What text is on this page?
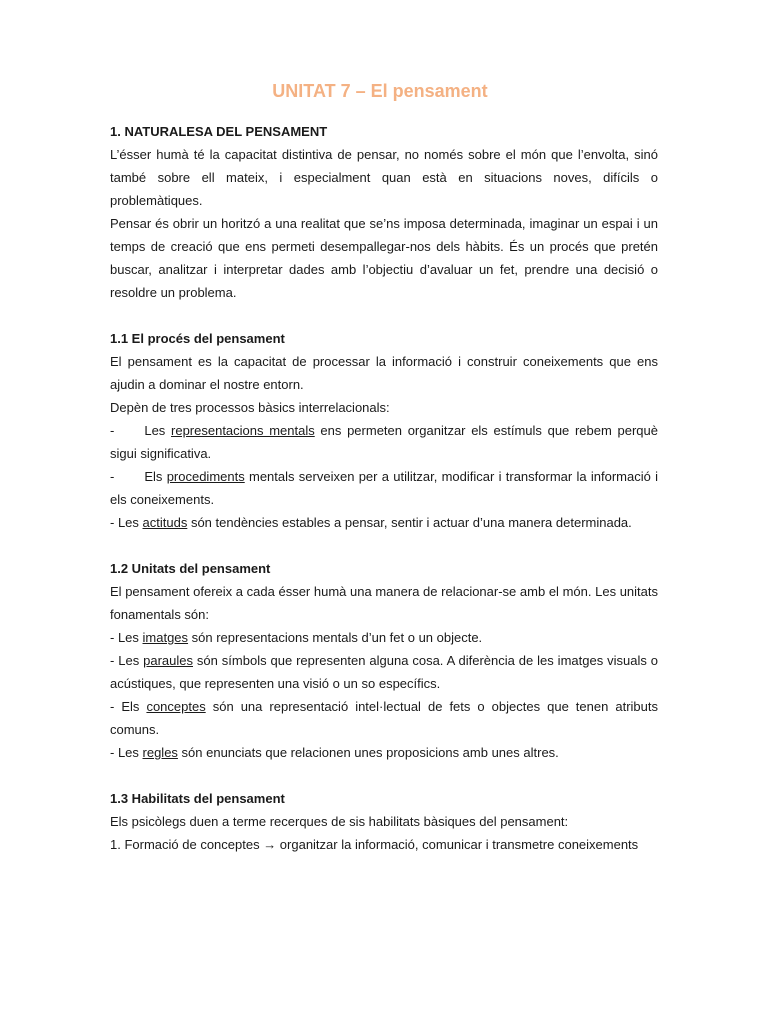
UNITAT 7 – El pensament

1. NATURALESA DEL PENSAMENT

L’ésser humà té la capacitat distintiva de pensar, no només sobre el món que l’envolta, sinó també sobre ell mateix, i especialment quan està en situacions noves, difícils o problemàtiques.

Pensar és obrir un horitzó a una realitat que se’ns imposa determinada, imaginar un espai i un temps de creació que ens permeti desempallegar-nos dels hàbits. És un procés que pretén buscar, analitzar i interpretar dades amb l’objectiu d’avaluar un fet, prendre una decisió o resoldre un problema.

1.1 El procés del pensament

El pensament es la capacitat de processar la informació i construir coneixements que ens ajudin a dominar el nostre entorn.

Depèn de tres processos bàsics interrelacionals:

- Les representacions mentals ens permeten organitzar els estímuls que rebem perquè sigui significativa.

- Els procediments mentals serveixen per a utilitzar, modificar i transformar la informació i els coneixements.

- Les actituds són tendències estables a pensar, sentir i actuar d’una manera determinada.

1.2 Unitats del pensament

El pensament ofereix a cada ésser humà una manera de relacionar-se amb el món. Les unitats fonamentals són:

- Les imatges són representacions mentals d’un fet o un objecte.

- Les paraules són símbols que representen alguna cosa. A diferència de les imatges visuals o acústiques, que representen una visió o un so específics.

- Els conceptes són una representació intel·lectual de fets o objectes que tenen atributs comuns.

- Les regles són enunciats que relacionen unes proposicions amb unes altres.

1.3 Habilitats del pensament

Els psicòlegs duen a terme recerques de sis habilitats bàsiques del pensament:

1. Formació de conceptes → organitzar la informació, comunicar i transmetre coneixements
